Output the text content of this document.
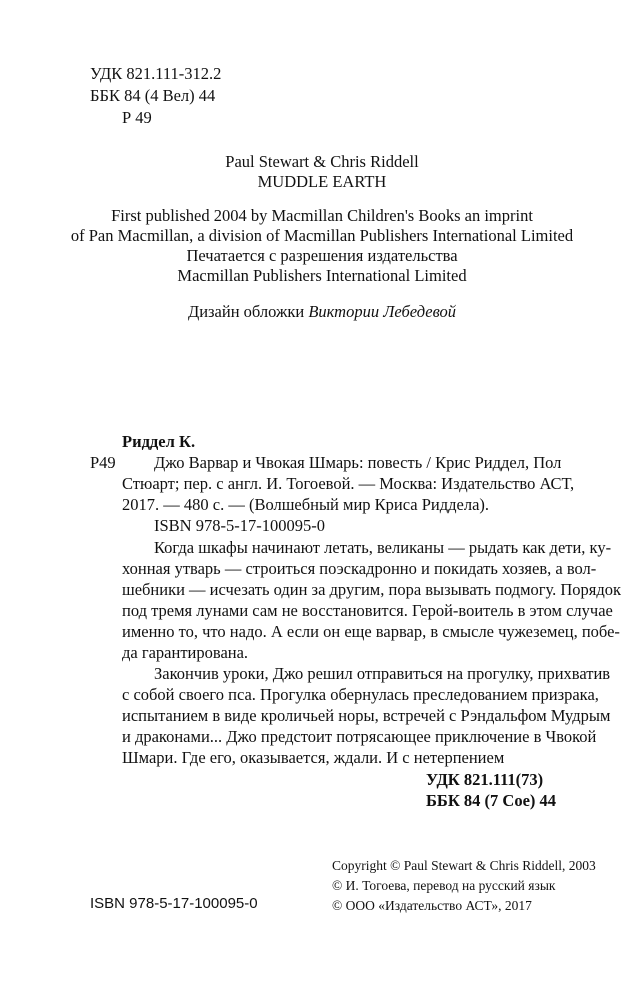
УДК 821.111-312.2
ББК 84 (4 Вел) 44
Р 49
Paul Stewart & Chris Riddell
MUDDLE EARTH
First published 2004 by Macmillan Children's Books an imprint
of Pan Macmillan, a division of Macmillan Publishers International Limited
Печатается с разрешения издательства
Macmillan Publishers International Limited
Дизайн обложки Виктории Лебедевой
Риддел К.
Р49 Джо Варвар и Чвокая Шмарь: повесть / Крис Риддел, Пол
Стюарт; пер. с англ. И. Тогоевой. — Москва: Издательство АСТ,
2017. — 480 с. — (Волшебный мир Криса Риддела).
ISBN 978-5-17-100095-0
Когда шкафы начинают летать, великаны — рыдать как дети, ку-
хонная утварь — строиться поэскадронно и покидать хозяев, а вол-
шебники — исчезать один за другим, пора вызывать подмогу. Порядок
под тремя лунами сам не восстановится. Герой-воитель в этом случае
именно то, что надо. А если он еще варвар, в смысле чужеземец, побе-
да гарантирована.
Закончив уроки, Джо решил отправиться на прогулку, прихватив
с собой своего пса. Прогулка обернулась преследованием призрака,
испытанием в виде кроличьей норы, встречей с Рэндальфом Мудрым
и драконами... Джо предстоит потрясающее приключение в Чвокой
Шмари. Где его, оказывается, ждали. И с нетерпением
УДК 821.111(73)
ББК 84 (7 Сое) 44
Copyright © Paul Stewart & Chris Riddell, 2003
© И. Тогоева, перевод на русский язык
© ООО «Издательство АСТ», 2017
ISBN 978-5-17-100095-0
